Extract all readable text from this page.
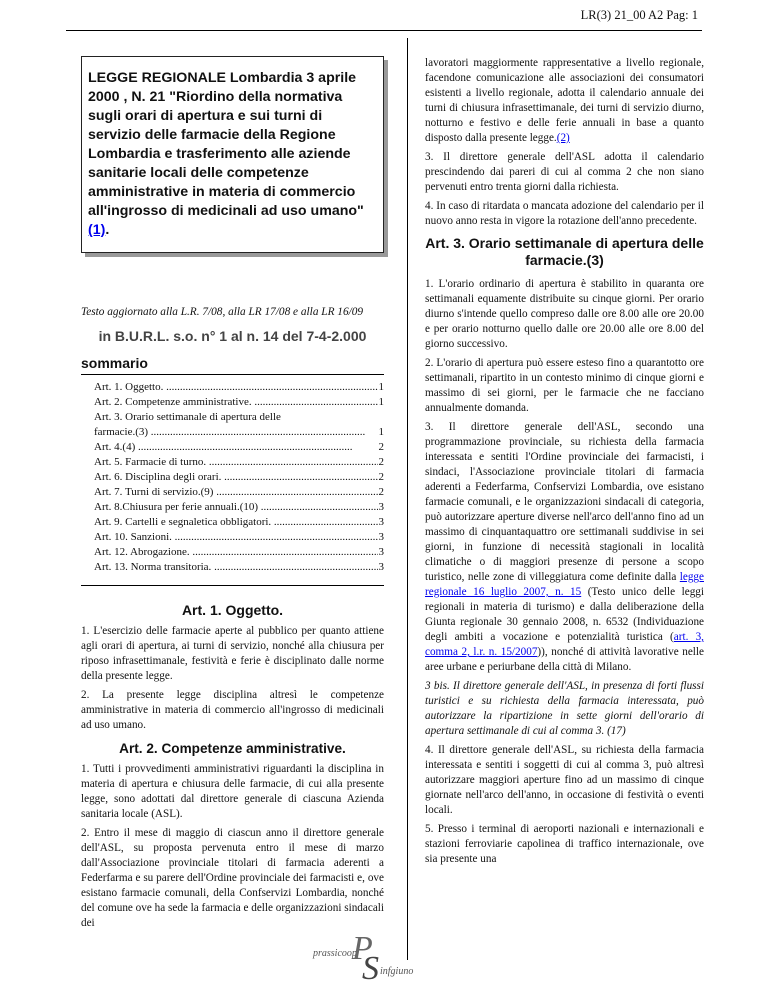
LR(3) 21_00 A2 Pag: 1
LEGGE REGIONALE Lombardia 3 aprile 2000 , N. 21 "Riordino della normativa sugli orari di apertura e sui turni di servizio delle farmacie della Regione Lombardia e trasferimento alle aziende sanitarie locali delle competenze amministrative in materia di commercio all'ingrosso di medicinali ad uso umano"(1).
Testo aggiornato alla L.R. 7/08, alla LR 17/08 e alla LR 16/09
in B.U.R.L. s.o. n° 1 al n. 14 del 7-4-2.000
sommario
Art. 1. Oggetto. .....	1
Art. 2. Competenze amministrative. .....	1
Art. 3. Orario settimanale di apertura delle
farmacie.(3) .....	1
Art. 4.(4) .....	2
Art. 5. Farmacie di turno. .....	2
Art. 6. Disciplina degli orari. .....	2
Art. 7. Turni di servizio.(9) .....	2
Art. 8.Chiusura per ferie annuali.(10) .....	3
Art. 9. Cartelli e segnaletica obbligatori. .....	3
Art. 10. Sanzioni. .....	3
Art. 12. Abrogazione. .....	3
Art. 13. Norma transitoria. .....	3
Art. 1. Oggetto.

1. L'esercizio delle farmacie aperte al pubblico per quanto attiene agli orari di apertura, ai turni di servizio, nonché alla chiusura per riposo infrasettimanale, festività e ferie è disciplinato dalle norme della presente legge.

2. La presente legge disciplina altresì le competenze amministrative in materia di commercio all'ingrosso di medicinali ad uso umano.

Art. 2. Competenze amministrative.

1. Tutti i provvedimenti amministrativi riguardanti la disciplina in materia di apertura e chiusura delle farmacie, di cui alla presente legge, sono adottati dal direttore generale di ciascuna Azienda sanitaria locale (ASL).

2. Entro il mese di maggio di ciascun anno il direttore generale dell'ASL, su proposta pervenuta entro il mese di marzo dall'Associazione provinciale titolari di farmacia aderenti a Federfarma e su parere dell'Ordine provinciale dei farmacisti e, ove esistano farmacie comunali, della Confservizi Lombardia, nonché del comune ove ha sede la farmacia e delle organizzazioni sindacali dei

lavoratori maggiormente rappresentative a livello regionale, facendone comunicazione alle associazioni dei consumatori esistenti a livello regionale, adotta il calendario annuale dei turni di chiusura infrasettimanale, dei turni di servizio diurno, notturno e festivo e delle ferie annuali in base a quanto disposto dalla presente legge.(2)

3. Il direttore generale dell'ASL adotta il calendario prescindendo dai pareri di cui al comma 2 che non siano pervenuti entro trenta giorni dalla richiesta.

4. In caso di ritardata o mancata adozione del calendario per il nuovo anno resta in vigore la rotazione dell'anno precedente.

Art. 3. Orario settimanale di apertura delle farmacie.(3)

1. L'orario ordinario di apertura è stabilito in quaranta ore settimanali equamente distribuite su cinque giorni. Per orario diurno s'intende quello compreso dalle ore 8.00 alle ore 20.00 e per orario notturno quello dalle ore 20.00 alle ore 8.00 del giorno successivo.

2. L'orario di apertura può essere esteso fino a quarantotto ore settimanali, ripartito in un contesto minimo di cinque giorni e massimo di sei giorni, per le farmacie che ne facciano annualmente domanda.

3. Il direttore generale dell'ASL, secondo una programmazione provinciale, su richiesta della farmacia interessata e sentiti l'Ordine provinciale dei farmacisti, i sindaci, l'Associazione provinciale titolari di farmacia aderenti a Federfarma, Confservizi Lombardia, ove esistano farmacie comunali, e le organizzazioni sindacali di categoria, può autorizzare aperture diverse nell'arco dell'anno fino ad un massimo di cinquantaquattro ore settimanali suddivise in sei giorni, in funzione di necessità stagionali in località climatiche o di maggiori presenze di persone a scopo turistico, nelle zone di villeggiatura come definite dalla legge regionale 16 luglio 2007, n. 15 (Testo unico delle leggi regionali in materia di turismo) e dalla deliberazione della Giunta regionale 30 gennaio 2008, n. 6532 (Individuazione degli ambiti a vocazione e potenzialità turistica (art. 3, comma 2, l.r. n. 15/2007)), nonché di attività lavorative nelle aree urbane e periurbane della città di Milano.

3 bis. Il direttore generale dell'ASL, in presenza di forti flussi turistici e su richiesta della farmacia interessata, può autorizzare la ripartizione in sette giorni dell'orario di apertura settimanale di cui al comma 3. (17)

4. Il direttore generale dell'ASL, su richiesta della farmacia interessata e sentiti i soggetti di cui al comma 3, può altresì autorizzare maggiori aperture fino ad un massimo di cinque giornate nell'arco dell'anno, in occasione di festività o eventi locali.

5. Presso i terminal di aeroporti nazionali e internazionali e stazioni ferroviarie capolinea di traffico internazionale, ove sia presente una

prassicoop
P
S infgiuno
